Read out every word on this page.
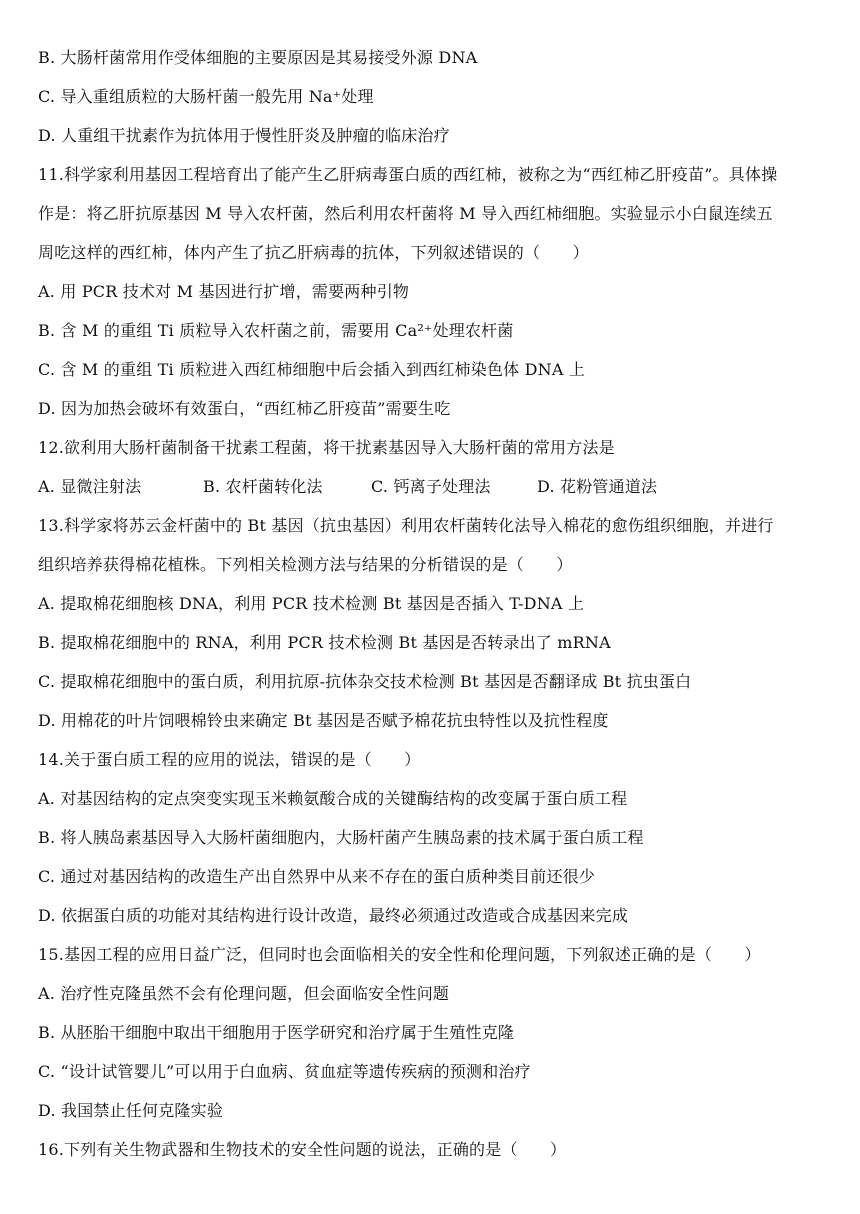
B. 大肠杆菌常用作受体细胞的主要原因是其易接受外源 DNA
C. 导入重组质粒的大肠杆菌一般先用 Na⁺处理
D. 人重组干扰素作为抗体用于慢性肝炎及肿瘤的临床治疗
11.科学家利用基因工程培育出了能产生乙肝病毒蛋白质的西红柿，被称之为“西红柿乙肝疫苗”。具体操
作是：将乙肝抗原基因 M 导入农杆菌，然后利用农杆菌将 M 导入西红柿细胞。实验显示小白鼠连续五
周吃这样的西红柿，体内产生了抗乙肝病毒的抗体，下列叙述错误的（　　）
A. 用 PCR 技术对 M 基因进行扩增，需要两种引物
B. 含 M 的重组 Ti 质粒导入农杆菌之前，需要用 Ca²⁺处理农杆菌
C. 含 M 的重组 Ti 质粒进入西红柿细胞中后会插入到西红柿染色体 DNA 上
D. 因为加热会破坏有效蛋白，“西红柿乙肝疫苗”需要生吃
12.欲利用大肠杆菌制备干扰素工程菌，将干扰素基因导入大肠杆菌的常用方法是
A. 显微注射法	B. 农杆菌转化法	C. 钙离子处理法	D. 花粉管通道法
13.科学家将苏云金杆菌中的 Bt 基因（抗虫基因）利用农杆菌转化法导入棉花的愈伤组织细胞，并进行
组织培养获得棉花植株。下列相关检测方法与结果的分析错误的是（　　）
A. 提取棉花细胞核 DNA，利用 PCR 技术检测 Bt 基因是否插入 T-DNA 上
B. 提取棉花细胞中的 RNA，利用 PCR 技术检测 Bt 基因是否转录出了 mRNA
C. 提取棉花细胞中的蛋白质，利用抗原-抗体杂交技术检测 Bt 基因是否翻译成 Bt 抗虫蛋白
D. 用棉花的叶片饲喂棉铃虫来确定 Bt 基因是否赋予棉花抗虫特性以及抗性程度
14.关于蛋白质工程的应用的说法，错误的是（　　）
A. 对基因结构的定点突变实现玉米赖氨酸合成的关键酶结构的改变属于蛋白质工程
B. 将人胰岛素基因导入大肠杆菌细胞内，大肠杆菌产生胰岛素的技术属于蛋白质工程
C. 通过对基因结构的改造生产出自然界中从来不存在的蛋白质种类目前还很少
D. 依据蛋白质的功能对其结构进行设计改造，最终必须通过改造或合成基因来完成
15.基因工程的应用日益广泛，但同时也会面临相关的安全性和伦理问题，下列叙述正确的是（　　）
A. 治疗性克隆虽然不会有伦理问题，但会面临安全性问题
B. 从胚胎干细胞中取出干细胞用于医学研究和治疗属于生殖性克隆
C. “设计试管婴儿”可以用于白血病、贫血症等遗传疾病的预测和治疗
D. 我国禁止任何克隆实验
16.下列有关生物武器和生物技术的安全性问题的说法，正确的是（　　）
